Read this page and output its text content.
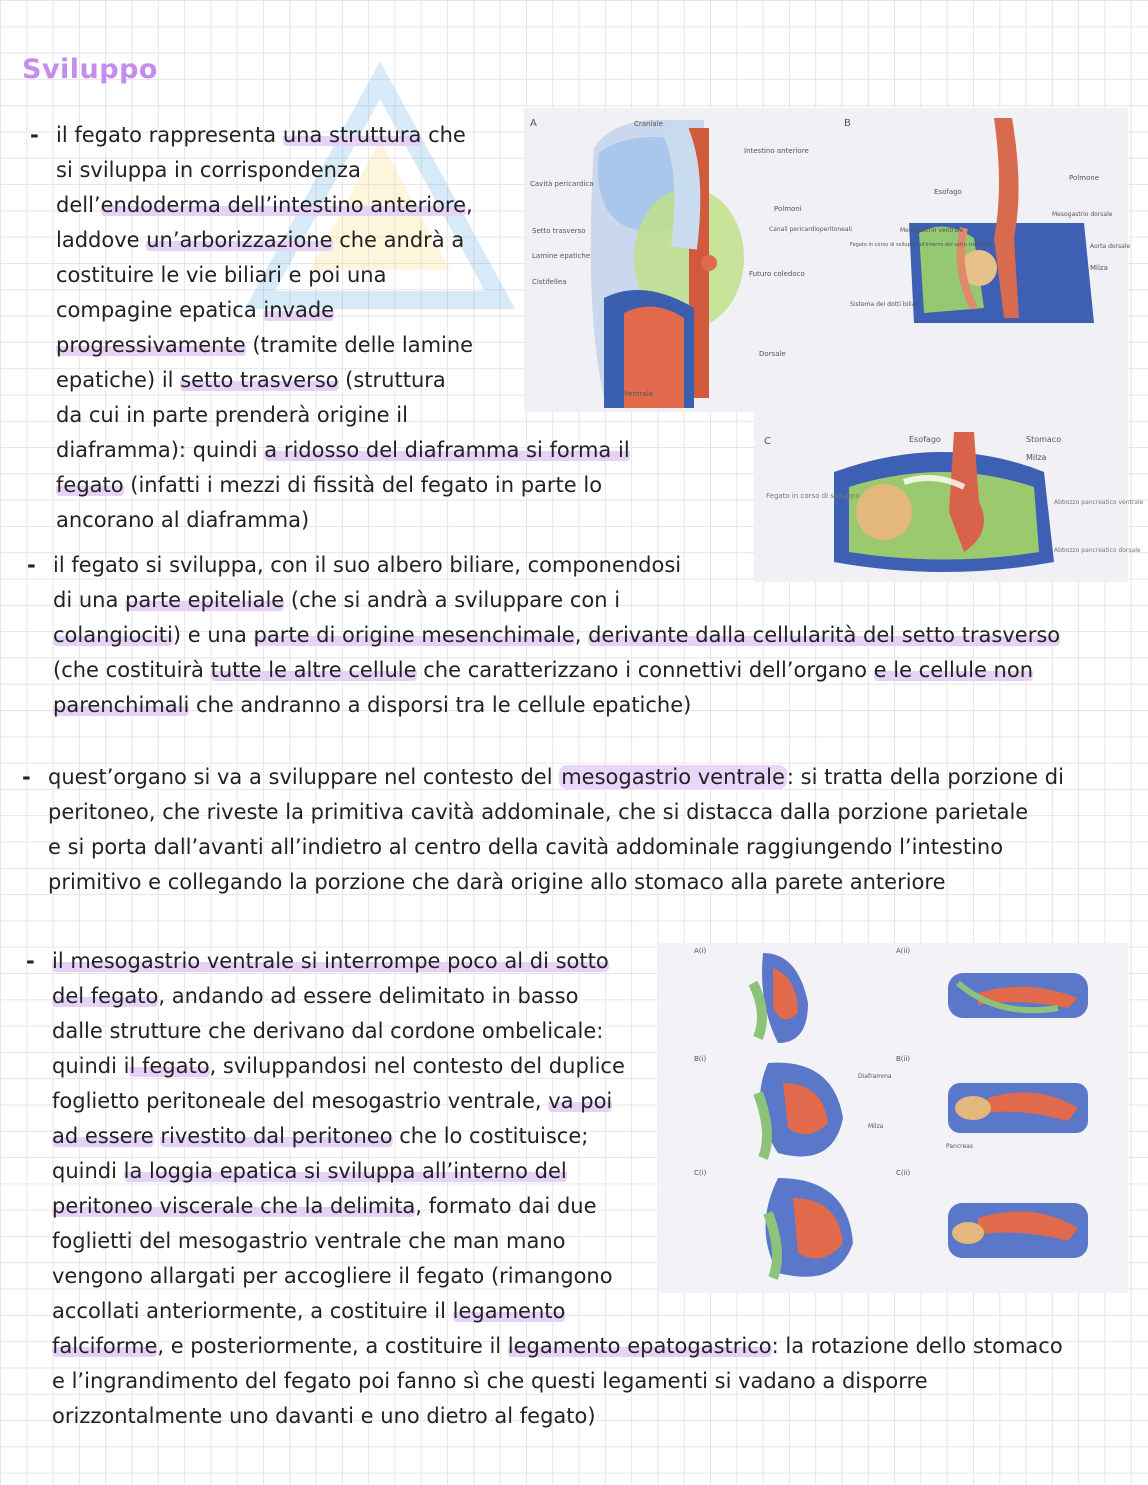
Sviluppo
A	B
Craniale
Intestino anteriore
Cavità pericardica
Polmoni
Setto trasverso	Canali pericardioperitoneali
Lamine epatiche
Cistifellea
Futuro coledoco
Dorsale
Ventrale
Esofago
Polmone
Mesogastrio dorsale
Mesogastrio ventrale
Aorta dorsale
Fegato in corso di sviluppo all'interno del setto trasverso
Milza
Sistema dei dotti biliari
C	Esofago	Stomaco
Milza
Fegato in corso di sviluppo
Abbozzo pancreatico ventrale
Abbozzo pancreatico dorsale
A(i)	A(ii)
B(i)
Diaframma
Milza
B(ii)
Pancreas
C(i)	C(ii)
- il fegato rappresenta una struttura che
si sviluppa in corrispondenza
dell’endoderma dell’intestino anteriore,
laddove un’arborizzazione che andrà a
costituire le vie biliari e poi una
compagine epatica invade
progressivamente (tramite delle lamine
epatiche) il setto trasverso (struttura
da cui in parte prenderà origine il
diaframma): quindi a ridosso del diaframma si forma il
fegato (infatti i mezzi di fissità del fegato in parte lo
ancorano al diaframma)
- il fegato si sviluppa, con il suo albero biliare, componendosi
di una parte epiteliale (che si andrà a sviluppare con i
colangiociti) e una parte di origine mesenchimale, derivante dalla cellularità del setto trasverso
(che costituirà tutte le altre cellule che caratterizzano i connettivi dell’organo e le cellule non
parenchimali che andranno a disporsi tra le cellule epatiche)
- quest’organo si va a sviluppare nel contesto del mesogastrio ventrale: si tratta della porzione di
peritoneo, che riveste la primitiva cavità addominale, che si distacca dalla porzione parietale
e si porta dall’avanti all’indietro al centro della cavità addominale raggiungendo l’intestino
primitivo e collegando la porzione che darà origine allo stomaco alla parete anteriore
- il mesogastrio ventrale si interrompe poco al di sotto
del fegato, andando ad essere delimitato in basso
dalle strutture che derivano dal cordone ombelicale:
quindi il fegato, sviluppandosi nel contesto del duplice
foglietto peritoneale del mesogastrio ventrale, va poi
ad essere rivestito dal peritoneo che lo costituisce;
quindi la loggia epatica si sviluppa all’interno del
peritoneo viscerale che la delimita, formato dai due
foglietti del mesogastrio ventrale che man mano
vengono allargati per accogliere il fegato (rimangono
accollati anteriormente, a costituire il legamento
falciforme, e posteriormente, a costituire il legamento epatogastrico: la rotazione dello stomaco
e l’ingrandimento del fegato poi fanno sì che questi legamenti si vadano a disporre
orizzontalmente uno davanti e uno dietro al fegato)
